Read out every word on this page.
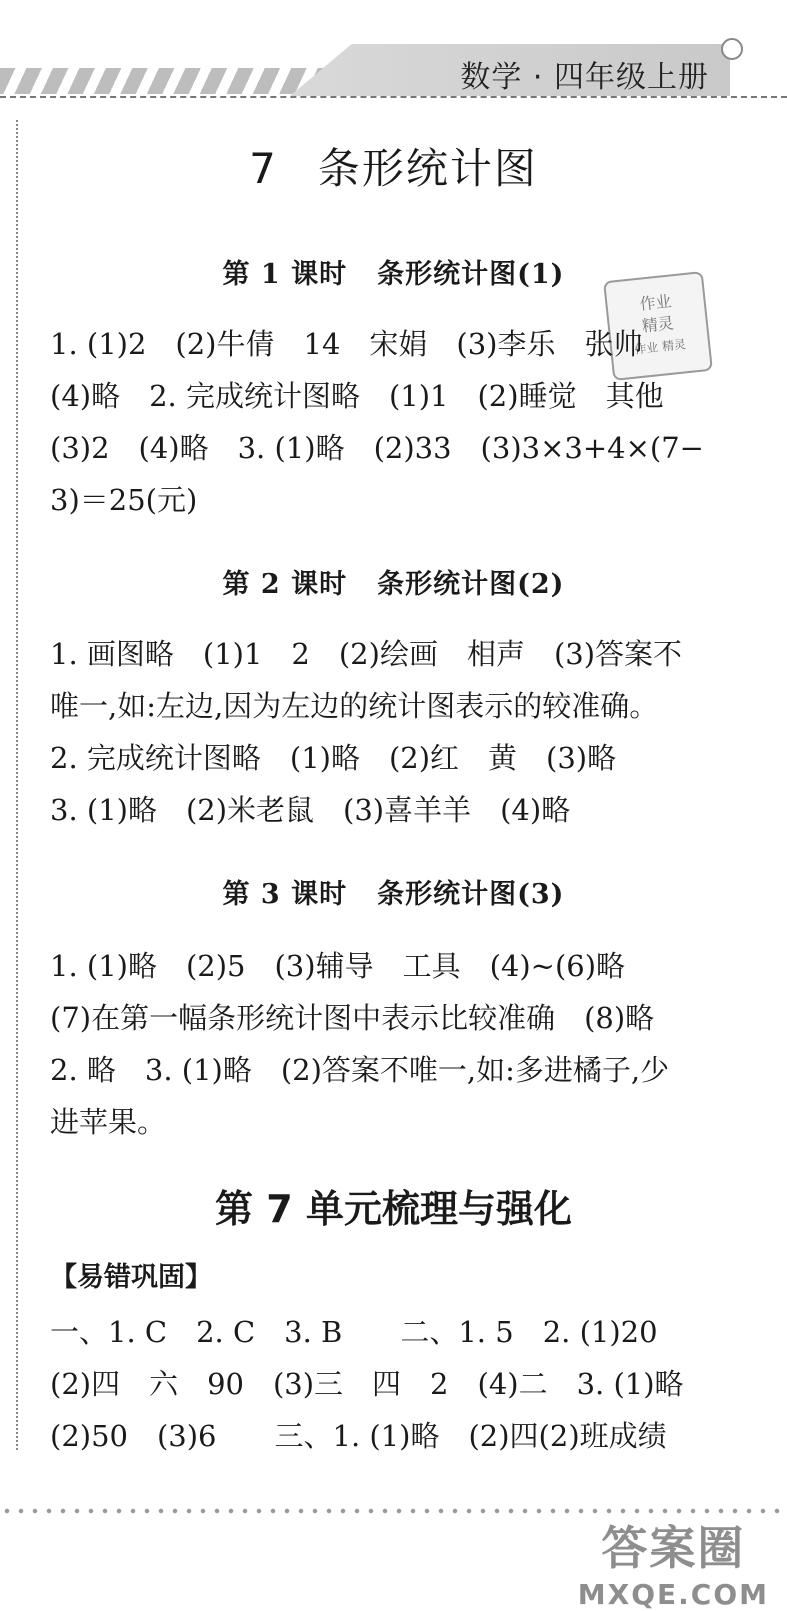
数学 · 四年级上册
7 条形统计图
作业
精灵
作业 精灵
第 1 课时 条形统计图(1)
1. (1)2　(2)牛倩　14　宋娟　(3)李乐　张帅
(4)略　2. 完成统计图略　(1)1　(2)睡觉　其他
(3)2　(4)略　3. (1)略　(2)33　(3)3×3+4×(7−
3)＝25(元)
第 2 课时 条形统计图(2)
1. 画图略　(1)1　2　(2)绘画　相声　(3)答案不
唯一,如:左边,因为左边的统计图表示的较准确。
2. 完成统计图略　(1)略　(2)红　黄　(3)略
3. (1)略　(2)米老鼠　(3)喜羊羊　(4)略
第 3 课时 条形统计图(3)
1. (1)略　(2)5　(3)辅导　工具　(4)~(6)略
(7)在第一幅条形统计图中表示比较准确　(8)略
2. 略　3. (1)略　(2)答案不唯一,如:多进橘子,少
进苹果。
第 7 单元梳理与强化
【易错巩固】
一、1. C　2. C　3. B　　二、1. 5　2. (1)20
(2)四　六　90　(3)三　四　2　(4)二　3. (1)略
(2)50　(3)6　　三、1. (1)略　(2)四(2)班成绩
答案圈
MXQE.COM
